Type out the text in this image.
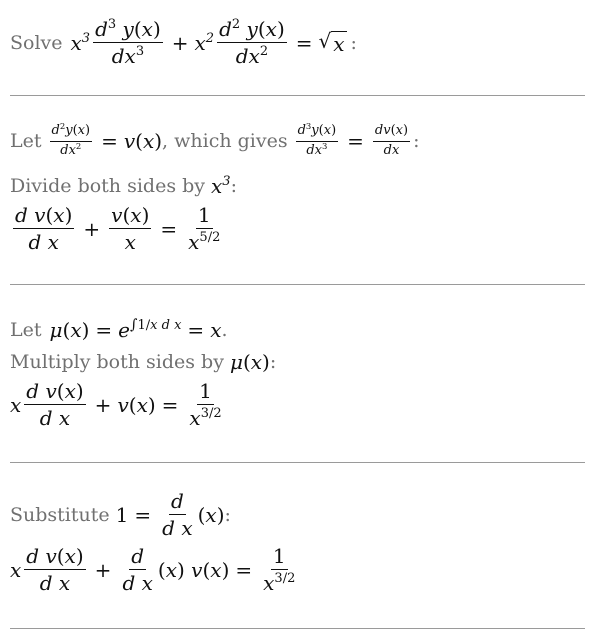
Solve $x^3 \frac{d^3 y(x)}{dx^3} + x^2 \frac{d^2 y(x)}{dx^2}$ = √ x :
Let $\frac{d^2y(x)}{dx^2} = v(x)$ , which gives $\frac{d^3y(x)}{dx^3} = \frac{dv(x)}{dx}$ :
Divide both sides by $x^3$ :
$\frac{\text{d v(x)}}{\text{d x}} + \frac{v(x)}{x} = \frac{1}{x^{5/2}}$
Let $\mu(x) = e^{\int 1/x d x} = x$ .
Multiply both sides by μ(x) :
x $\frac{\text{d v(x)}}{\text{d x}} + v(x) = \frac{1}{x^{3/2}}$
Substitute $1 = \frac{d}{\text{d x}} (x)$ :
x $\frac{\text{d v(x)}}{\text{d x}} + \frac{d}{\text{d x}} (x) v(x) = \frac{1}{x^{3/2}}$
